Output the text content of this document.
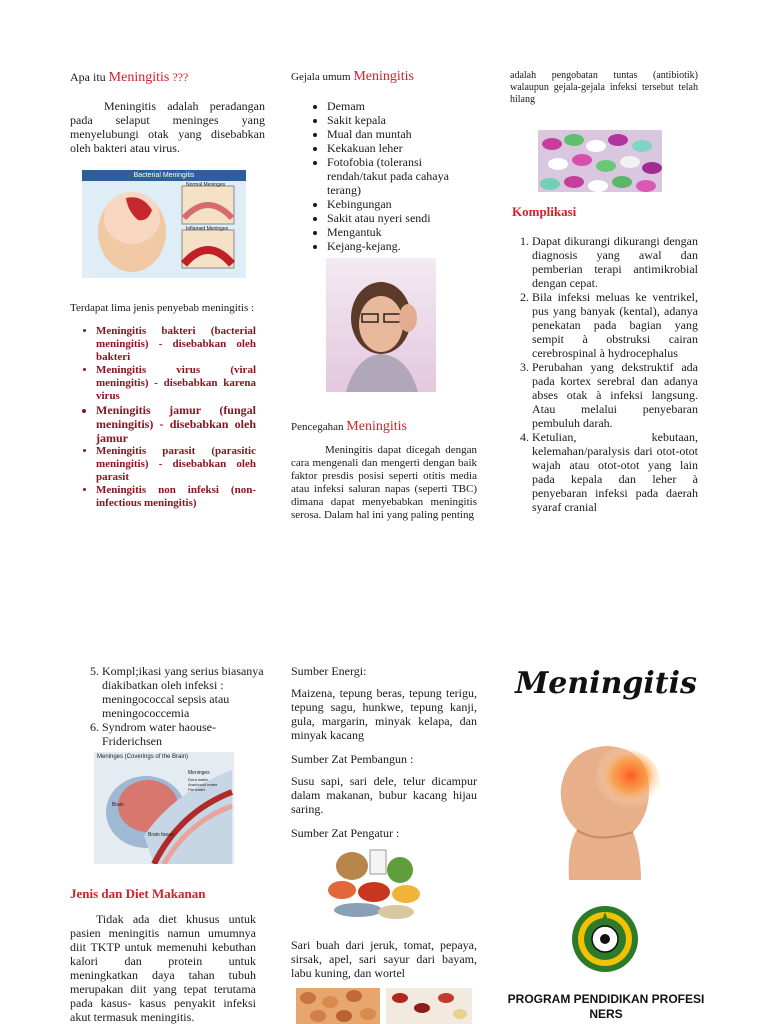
Apa itu Meningitis ???

Meningitis adalah peradangan pada selaput meninges yang menyelubungi otak yang disebabkan oleh bakteri atau virus.

Bacterial Meningitis
Normal Meninges
Inflamed Meninges
Terdapat lima jenis penyebab meningitis :
• Meningitis bakteri (bacterial meningitis) - disebabkan oleh bakteri
• Meningitis virus (viral meningitis) - disebabkan karena virus
• Meningitis jamur (fungal meningitis) - disebabkan oleh jamur
• Meningitis parasit (parasitic meningitis) - disebabkan oleh parasit
• Meningitis non infeksi (non-infectious meningitis)
Gejala umum Meningitis
• Demam
• Sakit kepala
• Mual dan muntah
• Kekakuan leher
• Fotofobia (toleransi rendah/takut pada cahaya terang)
• Kebingungan
• Sakit atau nyeri sendi
• Mengantuk
• Kejang-kejang.
Pencegahan Meningitis

Meningitis dapat dicegah dengan cara mengenali dan mengerti dengan baik faktor presdis posisi seperti otitis media atau infeksi saluran napas (seperti TBC) dimana dapat menyebabkan meningitis serosa. Dalam hal ini yang paling penting

adalah pengobatan tuntas (antibiotik) walaupun gejala-gejala infeksi tersebut telah hilang

Komplikasi
1. Dapat dikurangi dikurangi dengan diagnosis yang awal dan pemberian terapi antimikrobial dengan cepat.
2. Bila infeksi meluas ke ventrikel, pus yang banyak (kental), adanya penekatan pada bagian yang sempit à obstruksi cairan cerebrospinal à hydrocephalus
3. Perubahan yang dekstruktif ada pada kortex serebral dan adanya abses otak à infeksi langsung. Atau melalui penyebaran pembuluh darah.
4. Ketulian, kebutaan, kelemahan/paralysis dari otot-otot wajah atau otot-otot yang lain pada kepala dan leher à penyebaran infeksi pada daerah syaraf cranial
5. Kompl;ikasi yang serius biasanya diakibatkan oleh infeksi : meningococcal sepsis atau meningococcemia
6. Syndrom water haouse-Friderichsen
Meninges (Coverings of the Brain)
Meninges
Dura mater
Arachnoid mater
Pia mater
Brain
Brain tissue
Jenis dan Diet Makanan

Tidak ada diet khusus untuk pasien meningitis namun umumnya diit TKTP untuk memenuhi kebuthan kalori dan protein untuk meningkatkan daya tahan tubuh merupakan diit yang tepat terutama pada kasus- kasus penyakit infeksi akut termasuk meningitis.

Sumber Energi:

Maizena, tepung beras, tepung terigu, tepung sagu, hunkwe, tepung kanji, gula, margarin, minyak kelapa, dan minyak kacang

Sumber Zat Pembangun :

Susu sapi, sari dele, telur dicampur dalam makanan, bubur kacang hijau saring.

Sumber Zat Pengatur :

Sari buah dari jeruk, tomat, pepaya, sirsak, apel, sari sayur dari bayam, labu kuning, dan wortel

Meningitis
PROGRAM PENDIDIKAN PROFESI NERS
